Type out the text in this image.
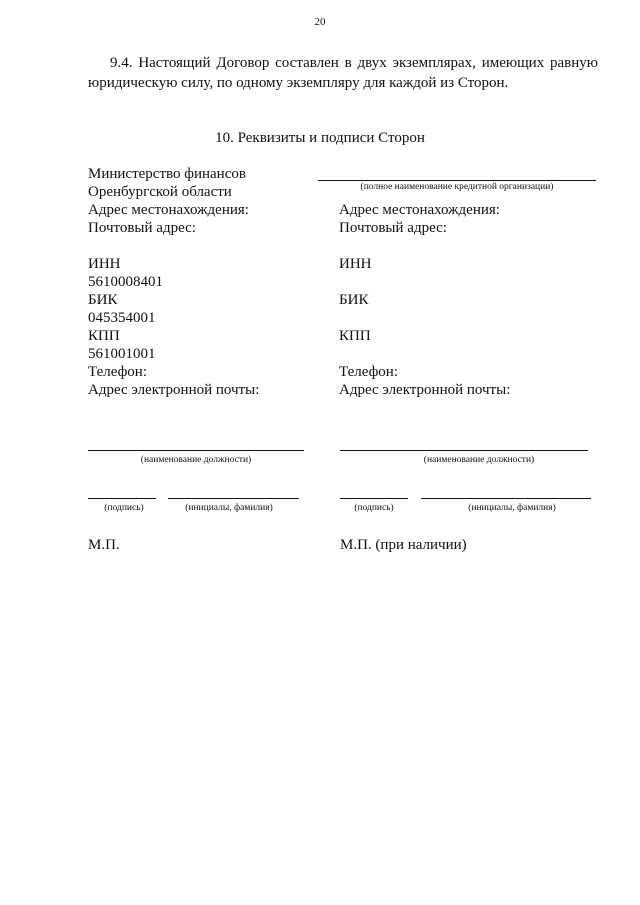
20

9.4. Настоящий Договор составлен в двух экземплярах, имеющих равную юридическую силу, по одному экземпляру для каждой из Сторон.

10. Реквизиты и подписи Сторон
Министерство финансов
Оренбургской области
Адрес местонахождения:
Почтовый адрес:
ИНН
5610008401
БИК
045354001
КПП
561001001
Телефон:
Адрес электронной почты:
(полное наименование кредитной организации)
Адрес местонахождения:
Почтовый адрес:
ИНН
БИК
КПП
Телефон:
Адрес электронной почты:
(наименование должности)
(подпись)	(инициалы, фамилия)
М.П.
(наименование должности)
(подпись)	(инициалы, фамилия)
М.П. (при наличии)
